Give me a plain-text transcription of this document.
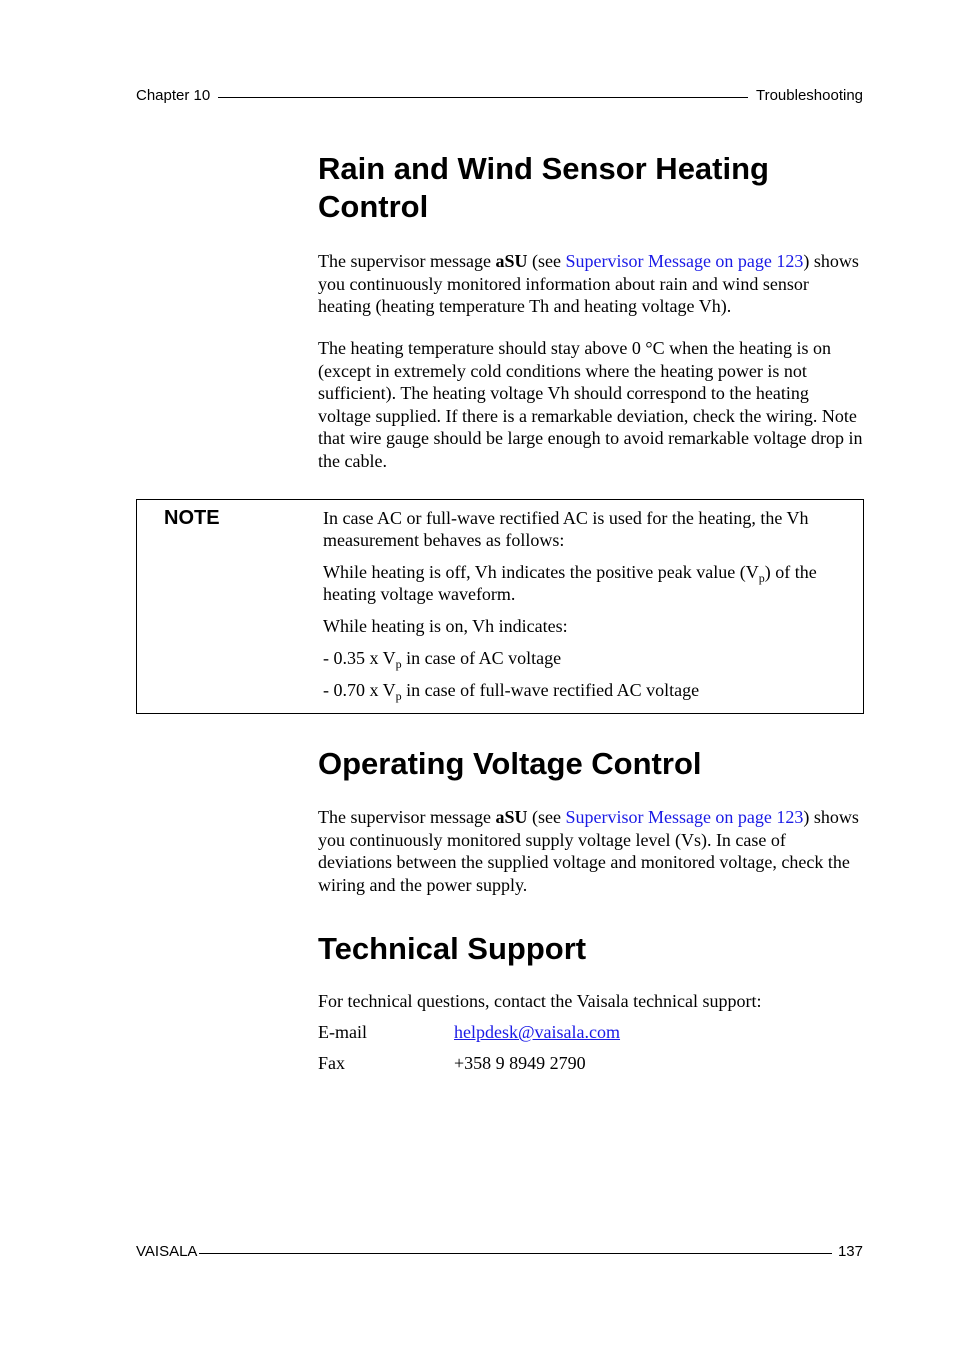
Chapter 10	Troubleshooting
Rain and Wind Sensor Heating Control

The supervisor message aSU (see Supervisor Message on page 123) shows you continuously monitored information about rain and wind sensor heating (heating temperature Th and heating voltage Vh).

The heating temperature should stay above 0 °C when the heating is on (except in extremely cold conditions where the heating power is not sufficient). The heating voltage Vh should correspond to the heating voltage supplied. If there is a remarkable deviation, check the wiring. Note that wire gauge should be large enough to avoid remarkable voltage drop in the cable.

NOTE	In case AC or full-wave rectified AC is used for the heating, the Vh measurement behaves as follows:

While heating is off, Vh indicates the positive peak value $(V_p)$ of the heating voltage waveform.

While heating is on, Vh indicates:

- 0.35 x $V_p$ in case of AC voltage

- 0.70 x $V_p$ in case of full-wave rectified AC voltage

Operating Voltage Control

The supervisor message aSU (see Supervisor Message on page 123) shows you continuously monitored supply voltage level (Vs). In case of deviations between the supplied voltage and monitored voltage, check the wiring and the power supply.

Technical Support

For technical questions, contact the Vaisala technical support:

E-mail	helpdesk@vaisala.com
Fax	+358 9 8949 2790
VAISALA	137
